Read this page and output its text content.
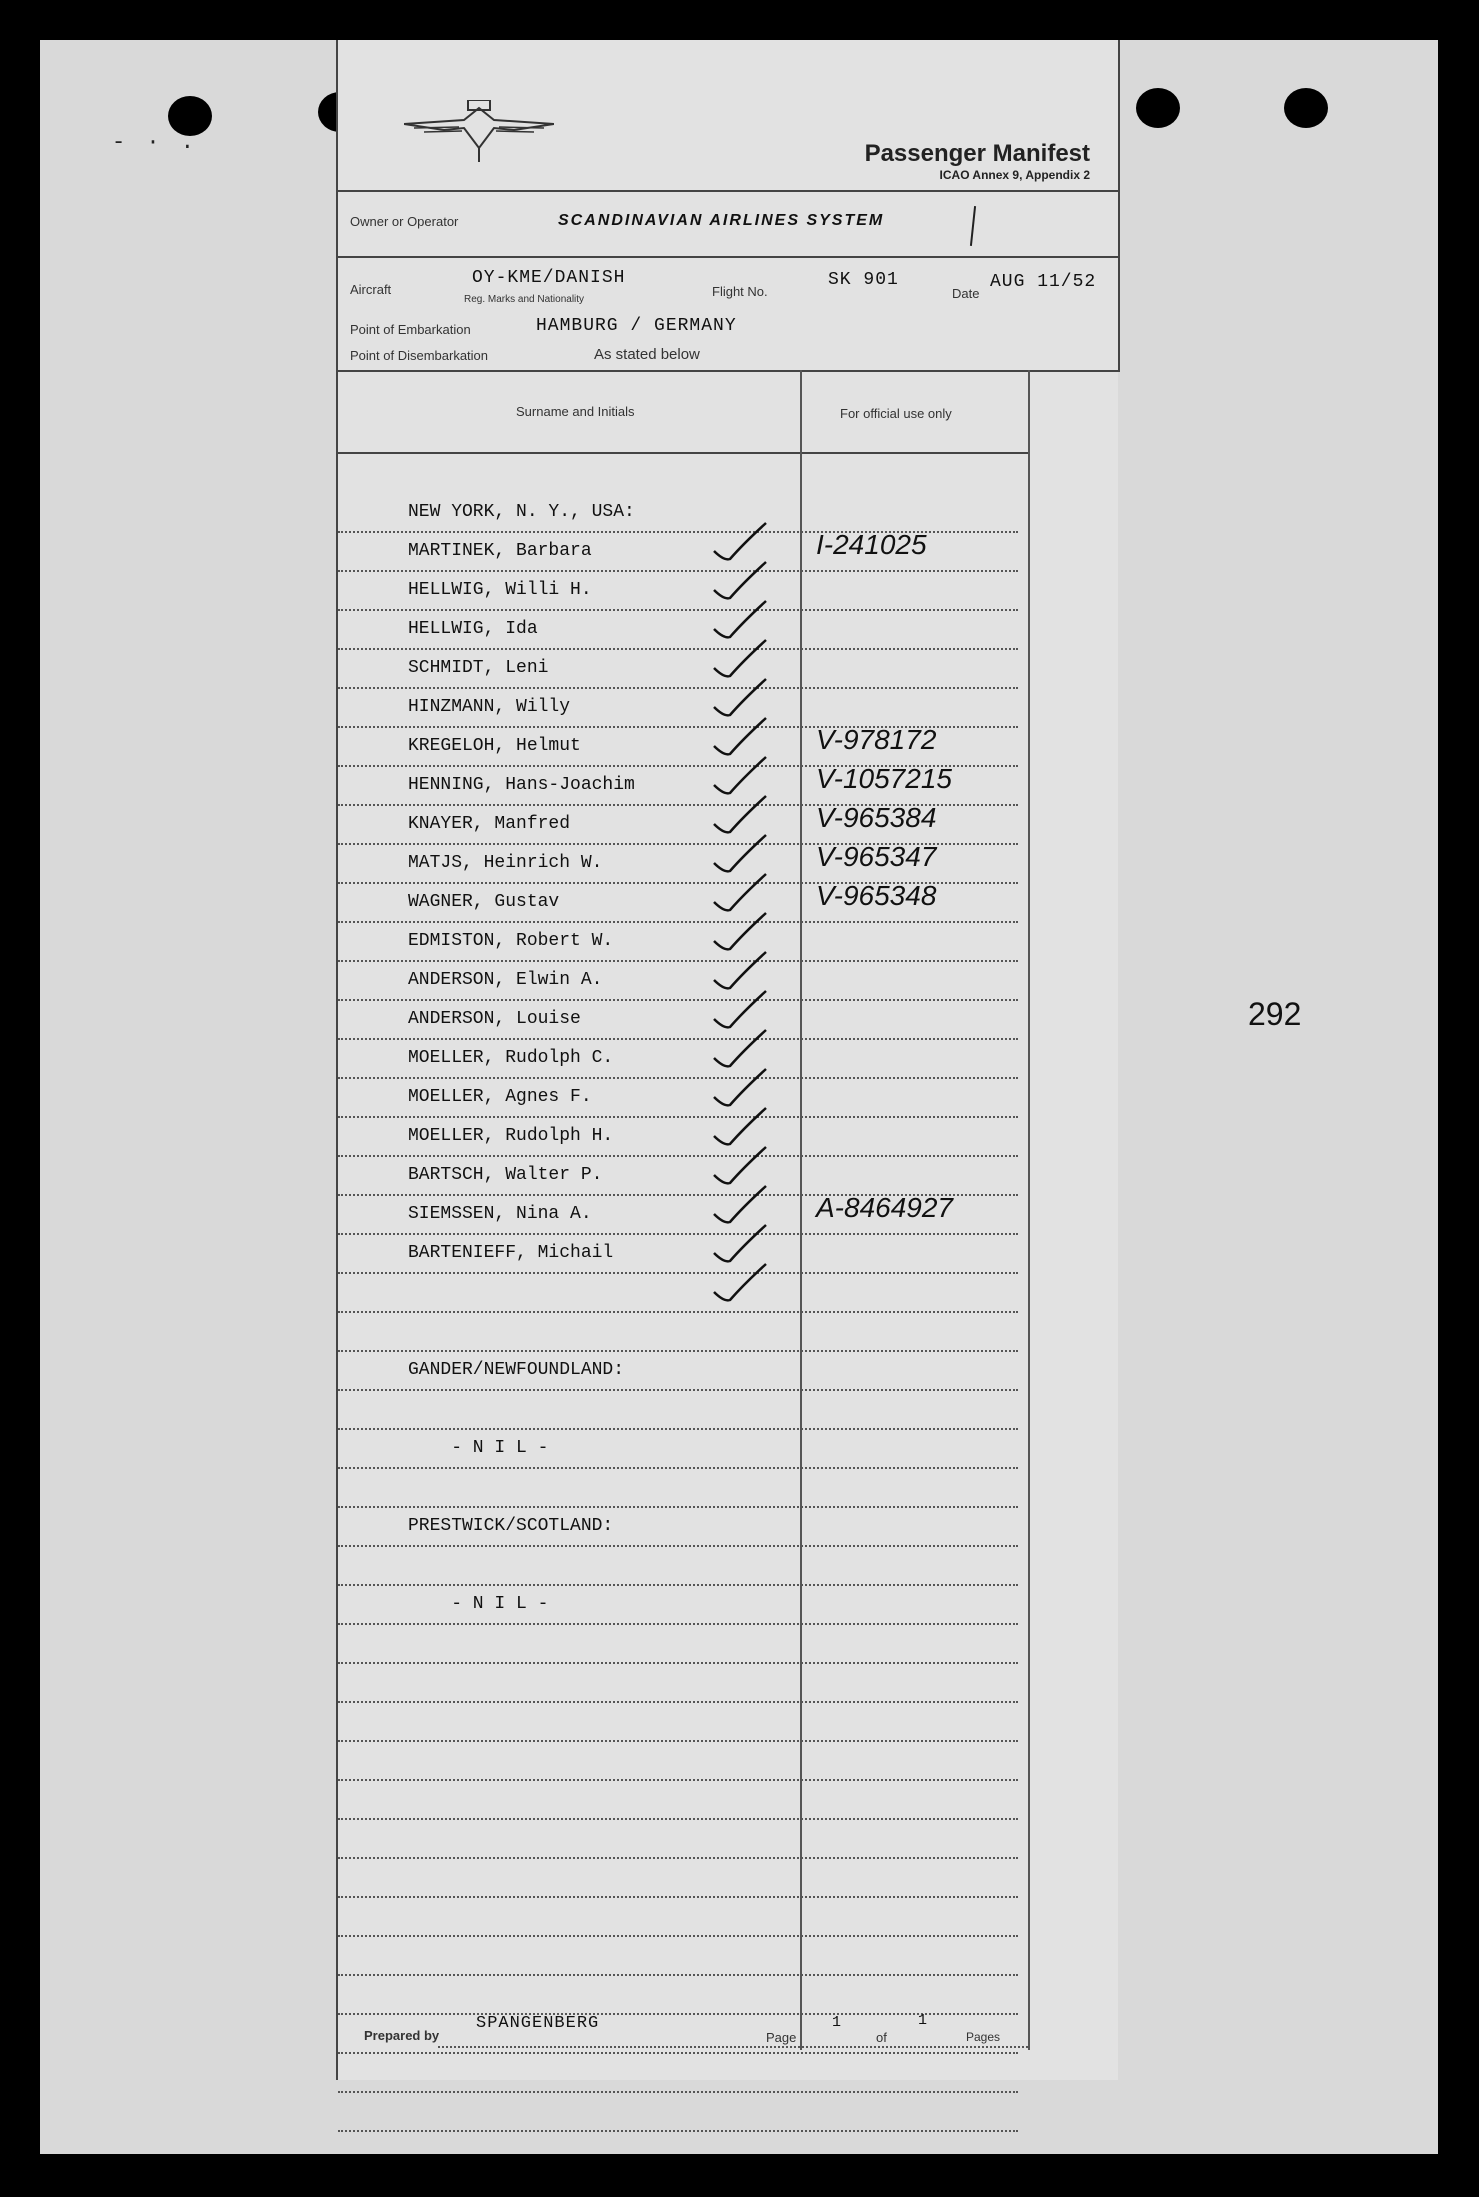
- · .
292
Passenger Manifest
ICAO Annex 9, Appendix 2
Owner or Operator	SCANDINAVIAN AIRLINES SYSTEM
Aircraft
OY-KME/DANISH
Reg. Marks and Nationality
Flight No.
SK 901
Date
AUG 11/52
Point of Embarkation	HAMBURG / GERMANY
Point of Disembarkation	As stated below
Surname and Initials	For official use only
NEW YORK, N. Y., USA:
MARTINEK, Barbara	I-241025
HELLWIG, Willi H.
HELLWIG, Ida
SCHMIDT, Leni
HINZMANN, Willy
KREGELOH, Helmut	V-978172
HENNING, Hans-Joachim	V-1057215
KNAYER, Manfred	V-965384
MATJS, Heinrich W.	V-965347
WAGNER, Gustav	V-965348
EDMISTON, Robert W.
ANDERSON, Elwin A.
ANDERSON, Louise
MOELLER, Rudolph C.
MOELLER, Agnes F.
MOELLER, Rudolph H.
BARTSCH, Walter P.
SIEMSSEN, Nina A.	A-8464927
BARTENIEFF, Michail
GANDER/NEWFOUNDLAND:
- N I L -
PRESTWICK/SCOTLAND:
- N I L -
Prepared by
SPANGENBERG
Page
1
of
1
Pages
